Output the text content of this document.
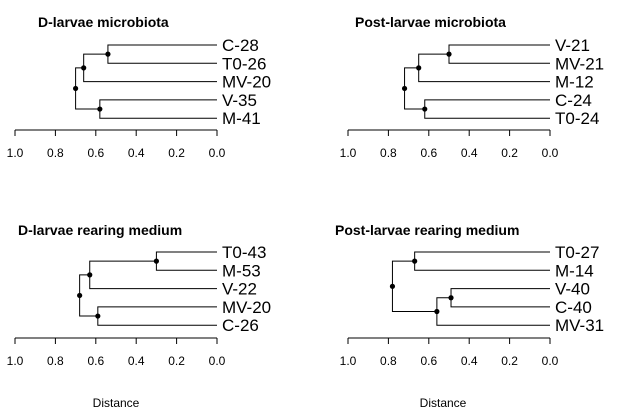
D-larvae microbiota
C-28
T0-26
MV-20
V-35
M-41
1.0 0.8 0.6 0.4 0.2 0.0
Post-larvae microbiota
V-21
MV-21
M-12
C-24
T0-24
1.0 0.8 0.6 0.4 0.2 0.0
D-larvae rearing medium
T0-43
M-53
V-22
MV-20
C-26
1.0 0.8 0.6 0.4 0.2 0.0
Distance
Post-larvae rearing medium
T0-27
M-14
V-40
C-40
MV-31
1.0 0.8 0.6 0.4 0.2 0.0
Distance
